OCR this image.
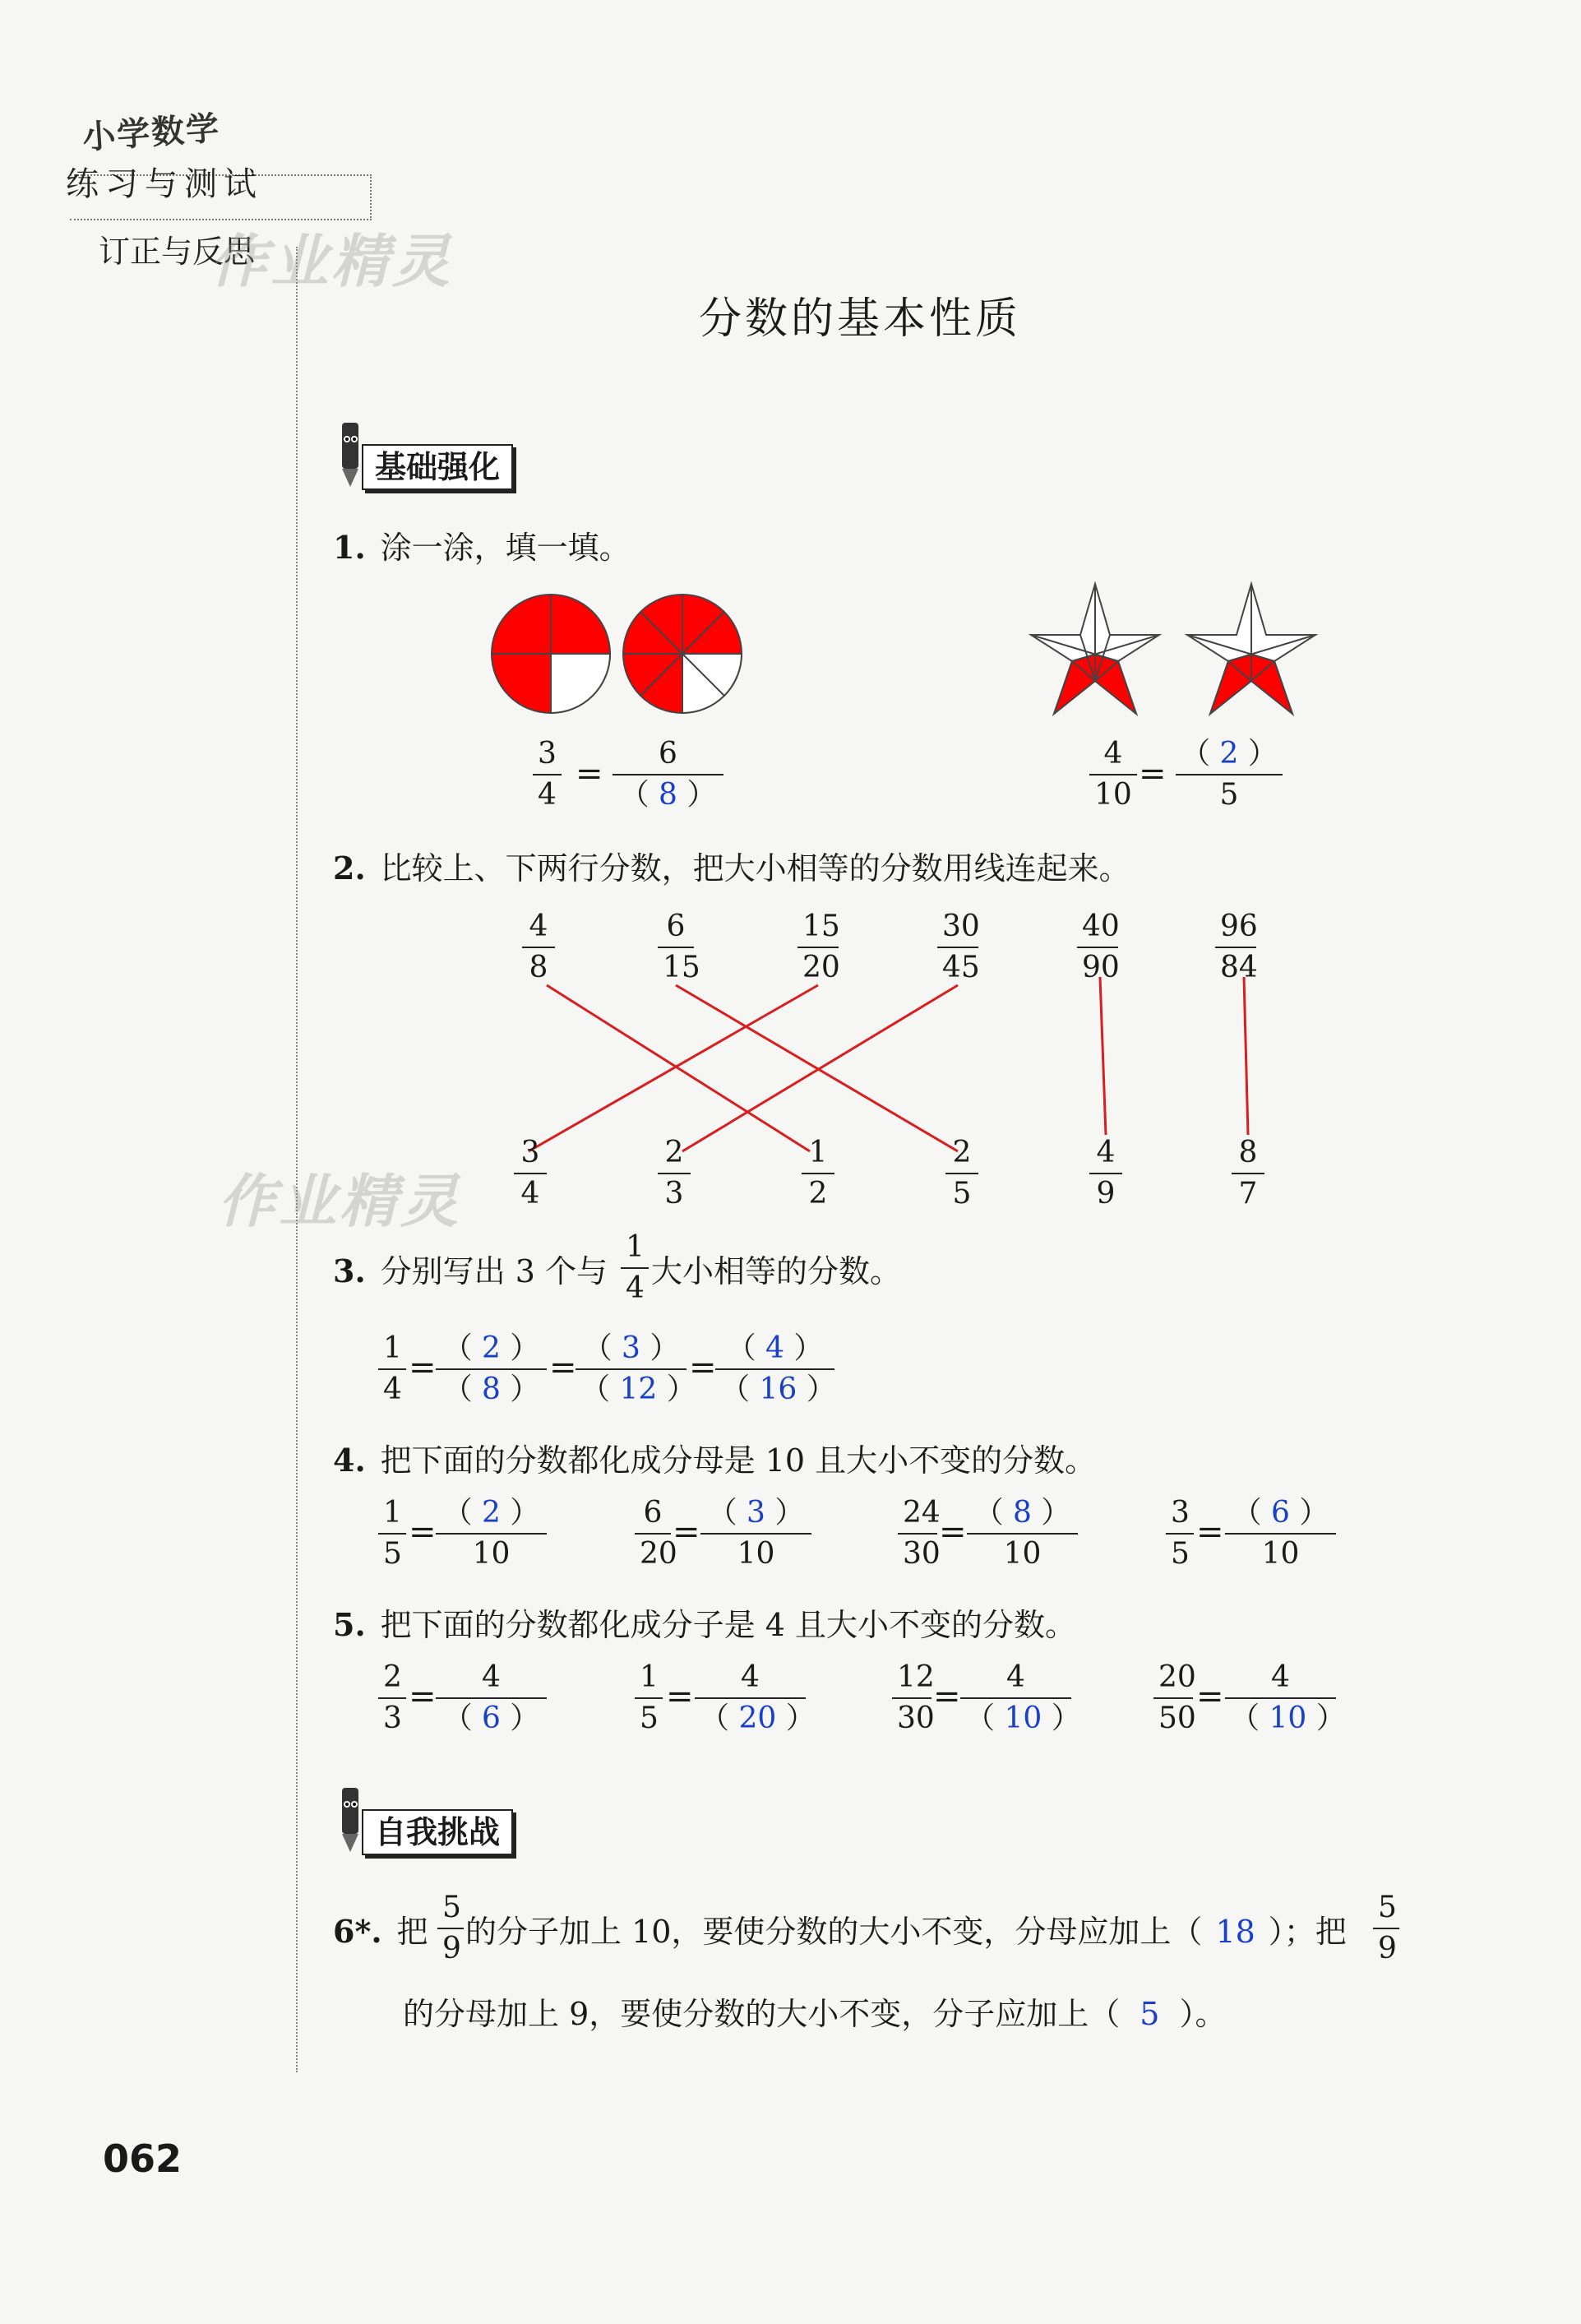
小学数学
练习与测试
订正与反思
作业精灵
作业精灵
分数的基本性质
基础强化
1. 涂一涂，填一填。
3
4
=
6
（ 8 ）
4
10
=
（ 2 ）
5
2. 比较上、下两行分数，把大小相等的分数用线连起来。
4
8
6
15
15
20
30
45
40
90
96
84
3
4
2
3
1
2
2
5
4
9
8
7
3. 分别写出 3 个与
1
4 大小相等的分数。
1
4
=
（ 2 ）
（ 8 ）
=
（ 3 ）
（ 12 ）
=
（ 4 ）
（ 16 ）
4. 把下面的分数都化成分母是 10 且大小不变的分数。
1
5
=
（ 2 ）
10
6
20
=
（ 3 ）
10
24
30
=
（ 8 ）
10
3
5
=
（ 6 ）
10
5. 把下面的分数都化成分子是 4 且大小不变的分数。
2
3
=
4
（ 6 ）
1
5
=
4
（ 20 ）
12
30
=
4
（ 10 ）
20
50
=
4
（ 10 ）
自我挑战
6*. 把
5
9 的分子加上 10，要使分数的大小不变，分母应加上（ 18 ）；把
5
9
的分母加上 9，要使分数的大小不变，分子应加上（ 5 ）。
062
